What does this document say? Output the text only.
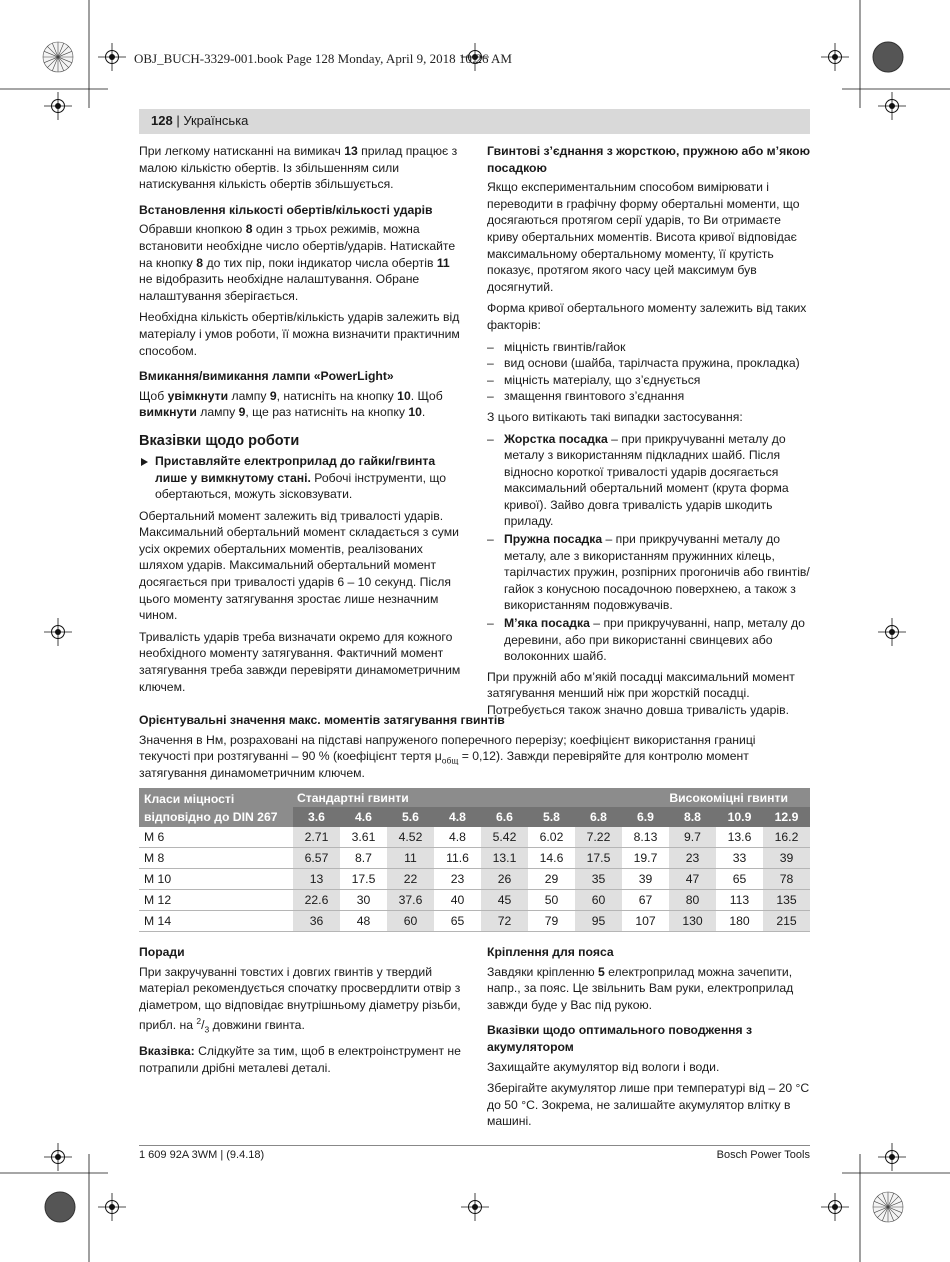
OBJ_BUCH-3329-001.book Page 128 Monday, April 9, 2018 10:26 AM
128 | Українська

При легкому натисканні на вимикач 13 прилад працює з малою кількістю обертів. Із збільшенням сили натискування кількість обертів збільшується.

Встановлення кількості обертів/кількості ударів

Обравши кнопкою 8 один з трьох режимів, можна встановити необхідне число обертів/ударів. Натискайте на кнопку 8 до тих пір, поки індикатор числа обертів 11 не відобразить необхідне налаштування. Обране налаштування зберігається.

Необхідна кількість обертів/кількість ударів залежить від матеріалу і умов роботи, її можна визначити практичним способом.

Вмикання/вимикання лампи «PowerLight»

Щоб увімкнути лампу 9, натисніть на кнопку 10. Щоб вимкнути лампу 9, ще раз натисніть на кнопку 10.

Вказівки щодо роботи
Приставляйте електроприлад до гайки/гвинта лише у вимкнутому стані. Робочі інструменти, що обертаються, можуть зісковзувати.

Обертальний момент залежить від тривалості ударів. Максимальний обертальний момент складається з суми усіх окремих обертальних моментів, реалізованих шляхом ударів. Максимальний обертальний момент досягається при тривалості ударів 6 – 10 секунд. Після цього моменту затягування зростає лише незначним чином.

Тривалість ударів треба визначати окремо для кожного необхідного моменту затягування. Фактичний момент затягування треба завжди перевіряти динамометричним ключем.

Гвинтові з’єднання з жорсткою, пружною або м’якою посадкою

Якщо експериментальним способом вимірювати і переводити в графічну форму обертальні моменти, що досягаються протягом серії ударів, то Ви отримаєте криву обертальних моментів. Висота кривої відповідає максимальному обертальному моменту, її крутість показує, протягом якого часу цей максимум був досягнутий.

Форма кривої обертального моменту залежить від таких факторів:

– міцність гвинтів/гайок
– вид основи (шайба, тарілчаста пружина, прокладка)
– міцність матеріалу, що з’єднується
– змащення гвинтового з’єднання

З цього витікають такі випадки застосування:

– Жорстка посадка – при прикручуванні металу до металу з використанням підкладних шайб. Після відносно короткої тривалості ударів досягається максимальний обертальний момент (крута форма кривої). Зайво довга тривалість ударів шкодить приладу.
– Пружна посадка – при прикручуванні металу до металу, але з використанням пружинних кілець, тарілчастих пружин, розпірних прогоничів або гвинтів/гайок з конусною посадочною поверхнею, а також з використанням подовжувачів.
– М’яка посадка – при прикручуванні, напр, металу до деревини, або при використанні свинцевих або волоконних шайб.

При пружній або м’якій посадці максимальний момент затягування менший ніж при жорсткій посадці. Потребується також значно довша тривалість ударів.

Орієнтувальні значення макс. моментів затягування гвинтів

Значення в Нм, розраховані на підставі напруженого поперечного перерізу; коефіцієнт використання границі текучості при розтягуванні – 90 % (коефіцієнт тертя $\mu_{общ} = 0,12$). Завжди перевіряйте для контролю момент затягування динамометричним ключем.

Класи міцності
відповідно до DIN 267	Стандартні гвинти								Високоміцні гвинти		
	3.6	4.6	5.6	4.8	6.6	5.8	6.8	6.9	8.8	10.9	12.9
M 6	2.71	3.61	4.52	4.8	5.42	6.02	7.22	8.13	9.7	13.6	16.2
M 8	6.57	8.7	11	11.6	13.1	14.6	17.5	19.7	23	33	39
M 10	13	17.5	22	23	26	29	35	39	47	65	78
M 12	22.6	30	37.6	40	45	50	60	67	80	113	135
M 14	36	48	60	65	72	79	95	107	130	180	215
Поради

При закручуванні товстих і довгих гвинтів у твердий матеріал рекомендується спочатку просвердлити отвір з діаметром, що відповідає внутрішньому діаметру різьби, прибл. на $^2/_3$ довжини гвинта.

Вказівка: Слідкуйте за тим, щоб в електроінструмент не потрапили дрібні металеві деталі.

Кріплення для пояса

Завдяки кріпленню 5 електроприлад можна зачепити, напр., за пояс. Це звільнить Вам руки, електроприлад завжди буде у Вас під рукою.

Вказівки щодо оптимального поводження з акумулятором

Захищайте акумулятор від вологи і води.

Зберігайте акумулятор лише при температурі від – 20 °C до 50 °C. Зокрема, не залишайте акумулятор влітку в машині.

1 609 92A 3WM | (9.4.18)	Bosch Power Tools
